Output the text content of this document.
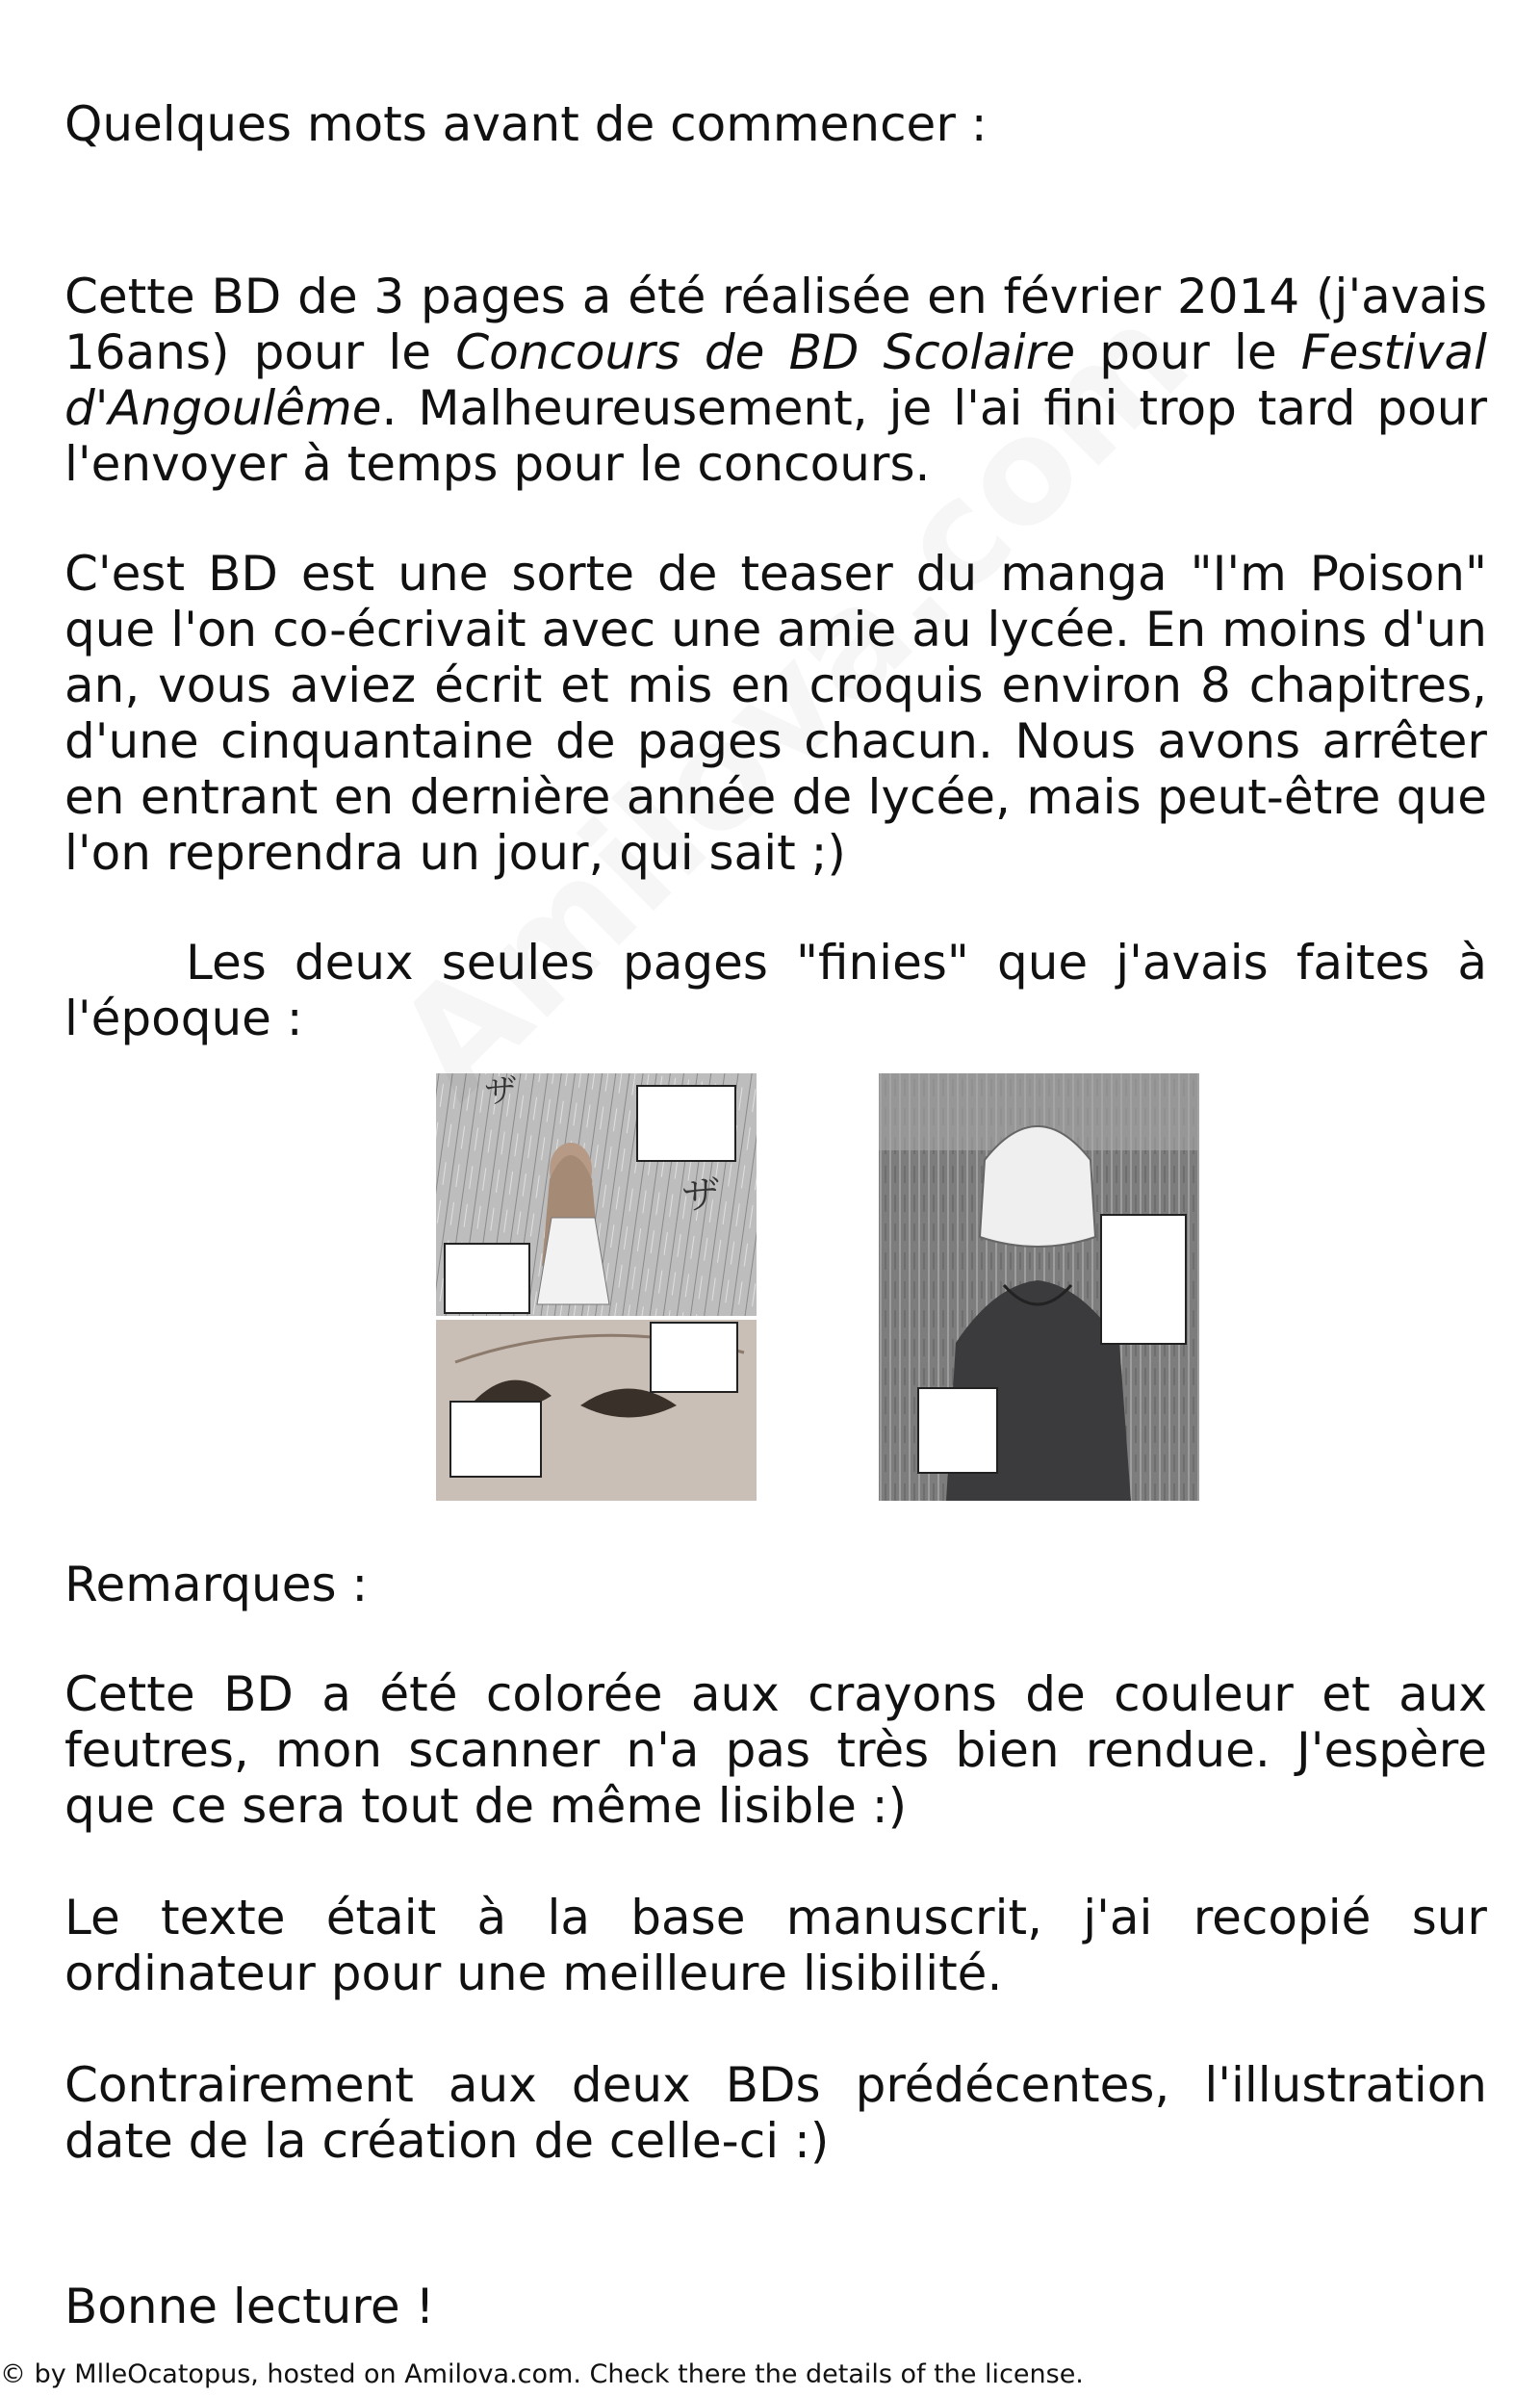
Quelques mots avant de commencer :

Cette BD de 3 pages a été réalisée en février 2014 (j'avais 16ans) pour le Concours de BD Scolaire pour le Festival d'Angoulême. Malheureusement, je l'ai fini trop tard pour l'envoyer à temps pour le concours.

C'est BD est une sorte de teaser du manga "I'm Poison" que l'on co-écrivait avec une amie au lycée. En moins d'un an, vous aviez écrit et mis en croquis environ 8 chapitres, d'une cinquantaine de pages chacun. Nous avons arrêter en entrant en dernière année de lycée, mais peut-être que l'on reprendra un jour, qui sait ;)

Les deux seules pages "finies" que j'avais faites à l'époque :

ザ
ザ
Remarques :

Cette BD a été colorée aux crayons de couleur et aux feutres, mon scanner n'a pas très bien rendue. J'espère que ce sera tout de même lisible :)

Le texte était à la base manuscrit, j'ai recopié sur ordinateur pour une meilleure lisibilité.

Contrairement aux deux BDs prédécentes, l'illustration date de la création de celle-ci :)

Bonne lecture !

© by MlleOcatopus, hosted on Amilova.com. Check there the details of the license.
